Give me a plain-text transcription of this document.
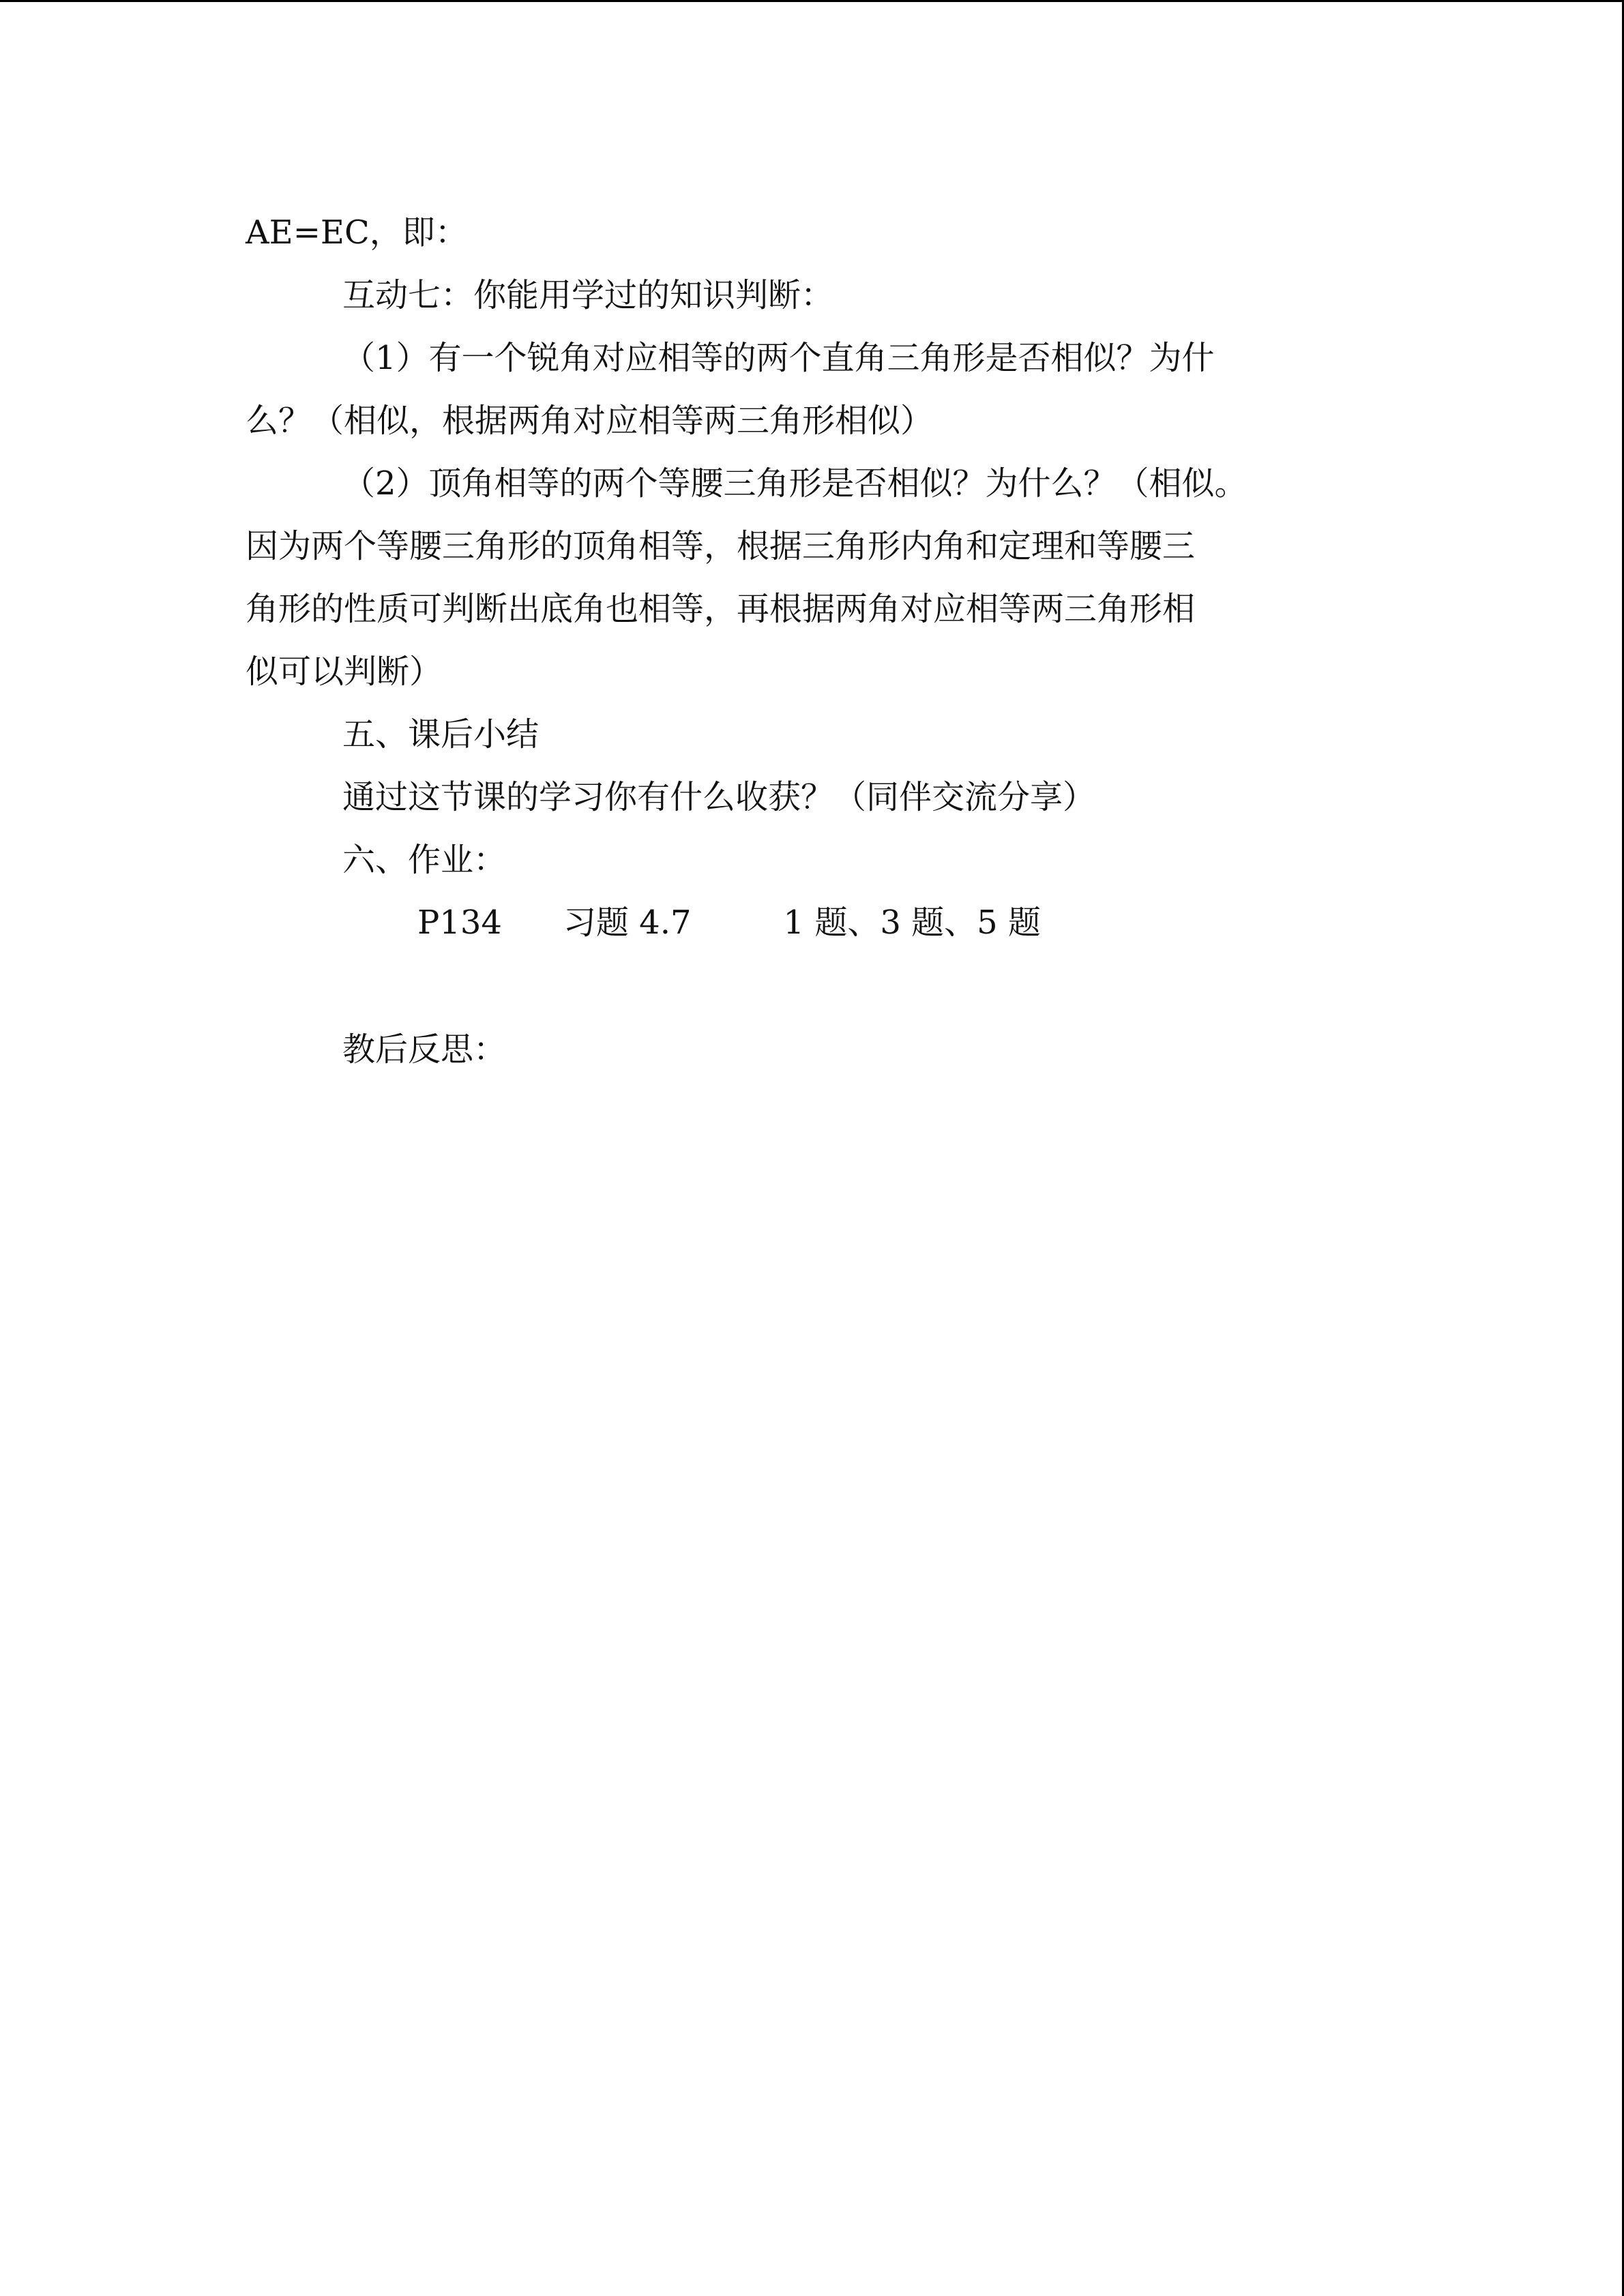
AE=EC，即：
互动七：你能用学过的知识判断：
（1）有一个锐角对应相等的两个直角三角形是否相似？为什
么？（相似，根据两角对应相等两三角形相似）
（2）顶角相等的两个等腰三角形是否相似？为什么？（相似。
因为两个等腰三角形的顶角相等，根据三角形内角和定理和等腰三
角形的性质可判断出底角也相等，再根据两角对应相等两三角形相
似可以判断）
五、课后小结
通过这节课的学习你有什么收获？（同伴交流分享）
六、作业：
P134 习题 4.7	1 题、3 题、5 题
教后反思：
